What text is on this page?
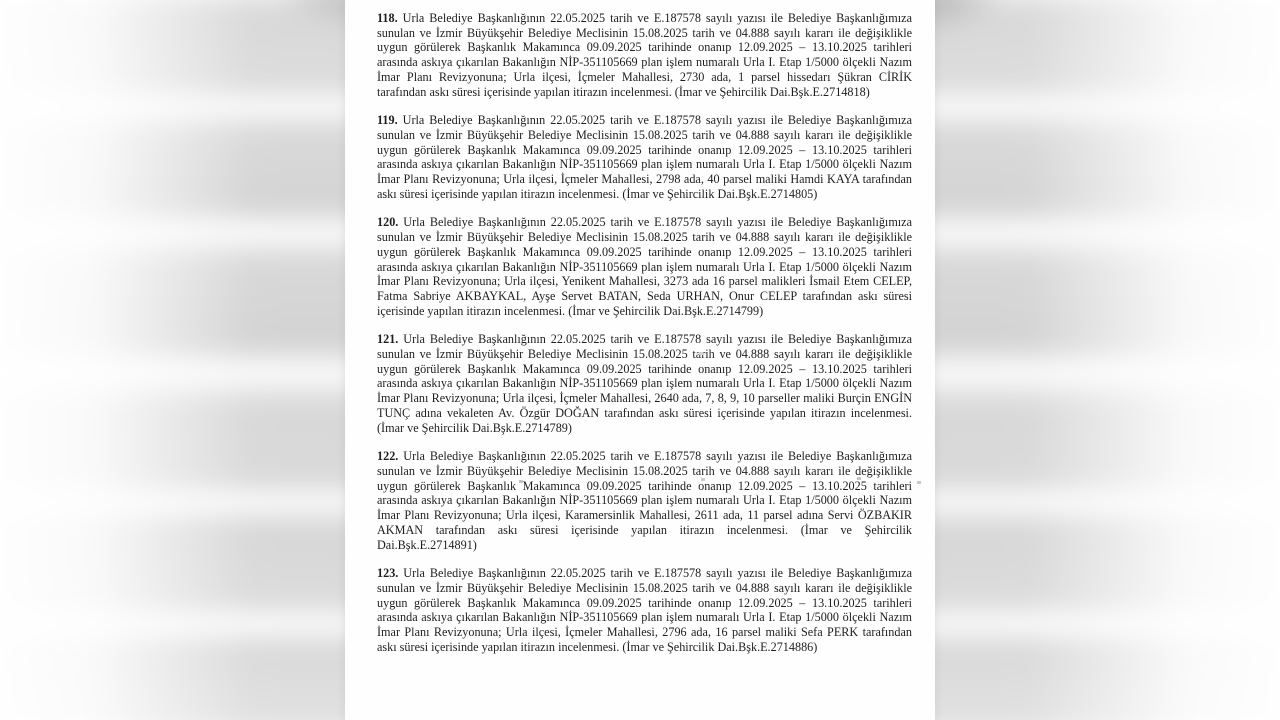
118. Urla Belediye Başkanlığının 22.05.2025 tarih ve E.187578 sayılı yazısı ile Belediye Başkanlığımıza sunulan ve İzmir Büyükşehir Belediye Meclisinin 15.08.2025 tarih ve 04.888 sayılı kararı ile değişiklikle uygun görülerek Başkanlık Makamınca 09.09.2025 tarihinde onanıp 12.09.2025 – 13.10.2025 tarihleri arasında askıya çıkarılan Bakanlığın NİP-351105669 plan işlem numaralı Urla I. Etap 1/5000 ölçekli Nazım İmar Planı Revizyonuna; Urla ilçesi, İçmeler Mahallesi, 2730 ada, 1 parsel hissedarı Şükran CİRİK tarafından askı süresi içerisinde yapılan itirazın incelenmesi. (İmar ve Şehircilik Dai.Bşk.E.2714818)

119. Urla Belediye Başkanlığının 22.05.2025 tarih ve E.187578 sayılı yazısı ile Belediye Başkanlığımıza sunulan ve İzmir Büyükşehir Belediye Meclisinin 15.08.2025 tarih ve 04.888 sayılı kararı ile değişiklikle uygun görülerek Başkanlık Makamınca 09.09.2025 tarihinde onanıp 12.09.2025 – 13.10.2025 tarihleri arasında askıya çıkarılan Bakanlığın NİP-351105669 plan işlem numaralı Urla I. Etap 1/5000 ölçekli Nazım İmar Planı Revizyonuna; Urla ilçesi, İçmeler Mahallesi, 2798 ada, 40 parsel maliki Hamdi KAYA tarafından askı süresi içerisinde yapılan itirazın incelenmesi. (İmar ve Şehircilik Dai.Bşk.E.2714805)

120. Urla Belediye Başkanlığının 22.05.2025 tarih ve E.187578 sayılı yazısı ile Belediye Başkanlığımıza sunulan ve İzmir Büyükşehir Belediye Meclisinin 15.08.2025 tarih ve 04.888 sayılı kararı ile değişiklikle uygun görülerek Başkanlık Makamınca 09.09.2025 tarihinde onanıp 12.09.2025 – 13.10.2025 tarihleri arasında askıya çıkarılan Bakanlığın NİP-351105669 plan işlem numaralı Urla I. Etap 1/5000 ölçekli Nazım İmar Planı Revizyonuna; Urla ilçesi, Yenikent Mahallesi, 3273 ada 16 parsel malikleri İsmail Etem CELEP, Fatma Sabriye AKBAYKAL, Ayşe Servet BATAN, Seda URHAN, Onur CELEP tarafından askı süresi içerisinde yapılan itirazın incelenmesi. (İmar ve Şehircilik Dai.Bşk.E.2714799)

121. Urla Belediye Başkanlığının 22.05.2025 tarih ve E.187578 sayılı yazısı ile Belediye Başkanlığımıza sunulan ve İzmir Büyükşehir Belediye Meclisinin 15.08.2025 tarih ve 04.888 sayılı kararı ile değişiklikle uygun görülerek Başkanlık Makamınca 09.09.2025 tarihinde onanıp 12.09.2025 – 13.10.2025 tarihleri arasında askıya çıkarılan Bakanlığın NİP-351105669 plan işlem numaralı Urla I. Etap 1/5000 ölçekli Nazım İmar Planı Revizyonuna; Urla ilçesi, İçmeler Mahallesi, 2640 ada, 7, 8, 9, 10 parseller maliki Burçin ENGİN TUNÇ adına vekaleten Av. Özgür DOĞAN tarafından askı süresi içerisinde yapılan itirazın incelenmesi. (İmar ve Şehircilik Dai.Bşk.E.2714789)

122. Urla Belediye Başkanlığının 22.05.2025 tarih ve E.187578 sayılı yazısı ile Belediye Başkanlığımıza sunulan ve İzmir Büyükşehir Belediye Meclisinin 15.08.2025 tarih ve 04.888 sayılı kararı ile değişiklikle uygun görülerek Başkanlık Makamınca 09.09.2025 tarihinde onanıp 12.09.2025 – 13.10.2025 tarihleri arasında askıya çıkarılan Bakanlığın NİP-351105669 plan işlem numaralı Urla I. Etap 1/5000 ölçekli Nazım İmar Planı Revizyonuna; Urla ilçesi, Karamersinlik Mahallesi, 2611 ada, 11 parsel adına Servi ÖZBAKIR AKMAN tarafından askı süresi içerisinde yapılan itirazın incelenmesi. (İmar ve Şehircilik Dai.Bşk.E.2714891)

123. Urla Belediye Başkanlığının 22.05.2025 tarih ve E.187578 sayılı yazısı ile Belediye Başkanlığımıza sunulan ve İzmir Büyükşehir Belediye Meclisinin 15.08.2025 tarih ve 04.888 sayılı kararı ile değişiklikle uygun görülerek Başkanlık Makamınca 09.09.2025 tarihinde onanıp 12.09.2025 – 13.10.2025 tarihleri arasında askıya çıkarılan Bakanlığın NİP-351105669 plan işlem numaralı Urla I. Etap 1/5000 ölçekli Nazım İmar Planı Revizyonuna; Urla ilçesi, İçmeler Mahallesi, 2796 ada, 16 parsel maliki Sefa PERK tarafından askı süresi içerisinde yapılan itirazın incelenmesi. (İmar ve Şehircilik Dai.Bşk.E.2714886)
